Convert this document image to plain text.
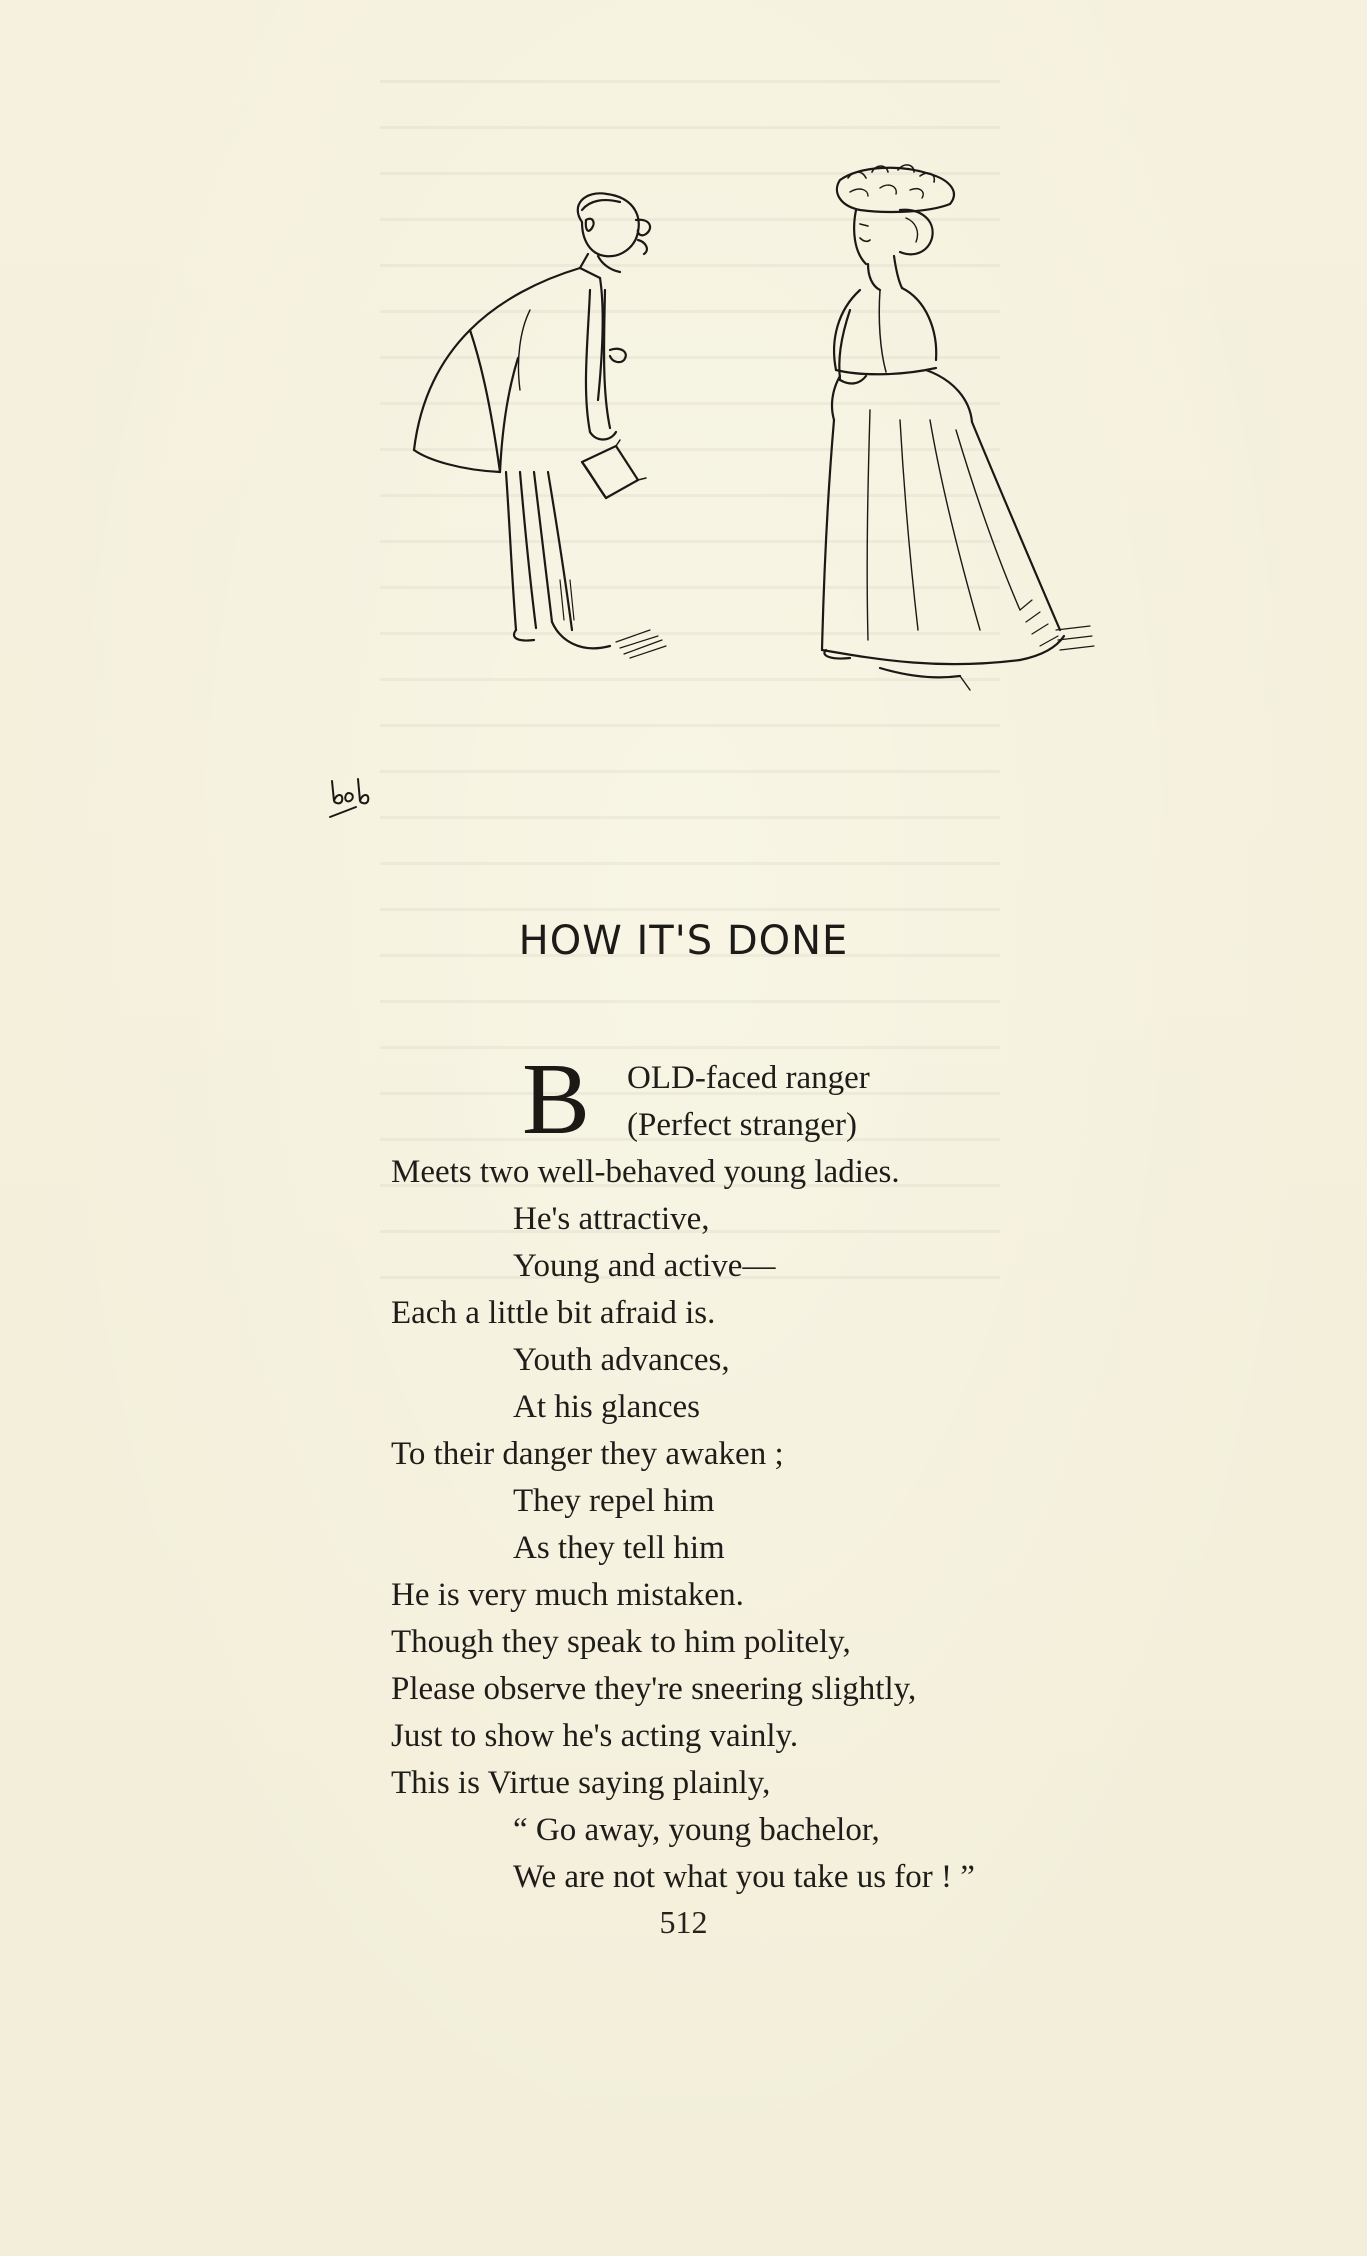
HOW IT'S DONE
B	OLD-faced ranger
(Perfect stranger)
Meets two well-behaved young ladies.
He's attractive,
Young and active—
Each a little bit afraid is.
Youth advances,
At his glances
To their danger they awaken ;
They repel him
As they tell him
He is very much mistaken.
Though they speak to him politely,
Please observe they're sneering slightly,
Just to show he's acting vainly.
This is Virtue saying plainly,
“ Go away, young bachelor,
We are not what you take us for ! ”
512
